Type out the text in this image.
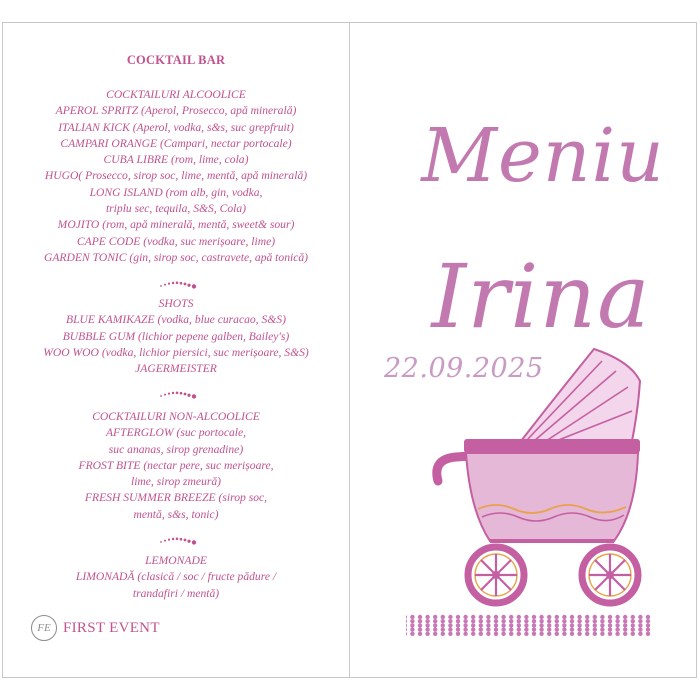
COCKTAIL BAR
COCKTAILURI ALCOOLICE
APEROL SPRITZ (Aperol, Prosecco, apă minerală)
ITALIAN KICK (Aperol, vodka, s&s, suc grepfruit)
CAMPARI ORANGE (Campari, nectar portocale)
CUBA LIBRE (rom, lime, cola)
HUGO( Prosecco, sirop soc, lime, mentă, apă minerală)
LONG ISLAND (rom alb, gin, vodka,
triplu sec, tequila, S&S, Cola)
MOJITO (rom, apă minerală, mentă, sweet& sour)
CAPE CODE (vodka, suc merișoare, lime)
GARDEN TONIC (gin, sirop soc, castravete, apă tonică)
SHOTS
BLUE KAMIKAZE (vodka, blue curacao, S&S)
BUBBLE GUM (lichior pepene galben, Bailey's)
WOO WOO (vodka, lichior piersici, suc merișoare, S&S)
JAGERMEISTER
COCKTAILURI NON-ALCOOLICE
AFTERGLOW (suc portocale,
suc ananas, sirop grenadine)
FROST BITE (nectar pere, suc merișoare,
lime, sirop zmeură)
FRESH SUMMER BREEZE (sirop soc,
mentă, s&s, tonic)
LEMONADE
LIMONADĂ (clasică / soc / fructe pădure /
trandafiri / mentă)
FE FIRST EVENT
Meniu
Irina
22.09.2025
